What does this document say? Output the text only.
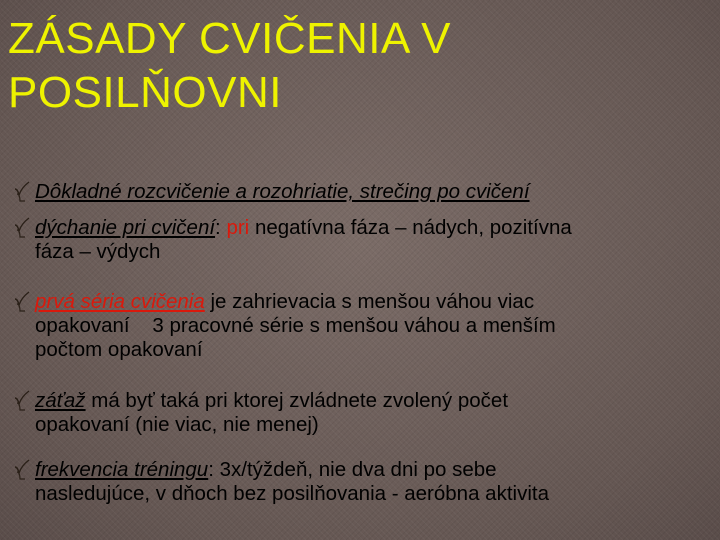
ZÁSADY CVIČENIA V
POSILŇOVNI
Dôkladné rozcvičenie a rozohriatie, strečing po cvičení
dýchanie pri cvičení: pri negatívna fáza – nádych, pozitívna
fáza – výdych
prvá séria cvičenia je zahrievacia s menšou váhou viac
opakovaní    3 pracovné série s menšou váhou a menším
počtom opakovaní
záťaž má byť taká pri ktorej zvládnete zvolený počet
opakovaní (nie viac, nie menej)
frekvencia tréningu: 3x/týždeň, nie dva dni po sebe
nasledujúce, v dňoch bez posilňovania - aeróbna aktivita
